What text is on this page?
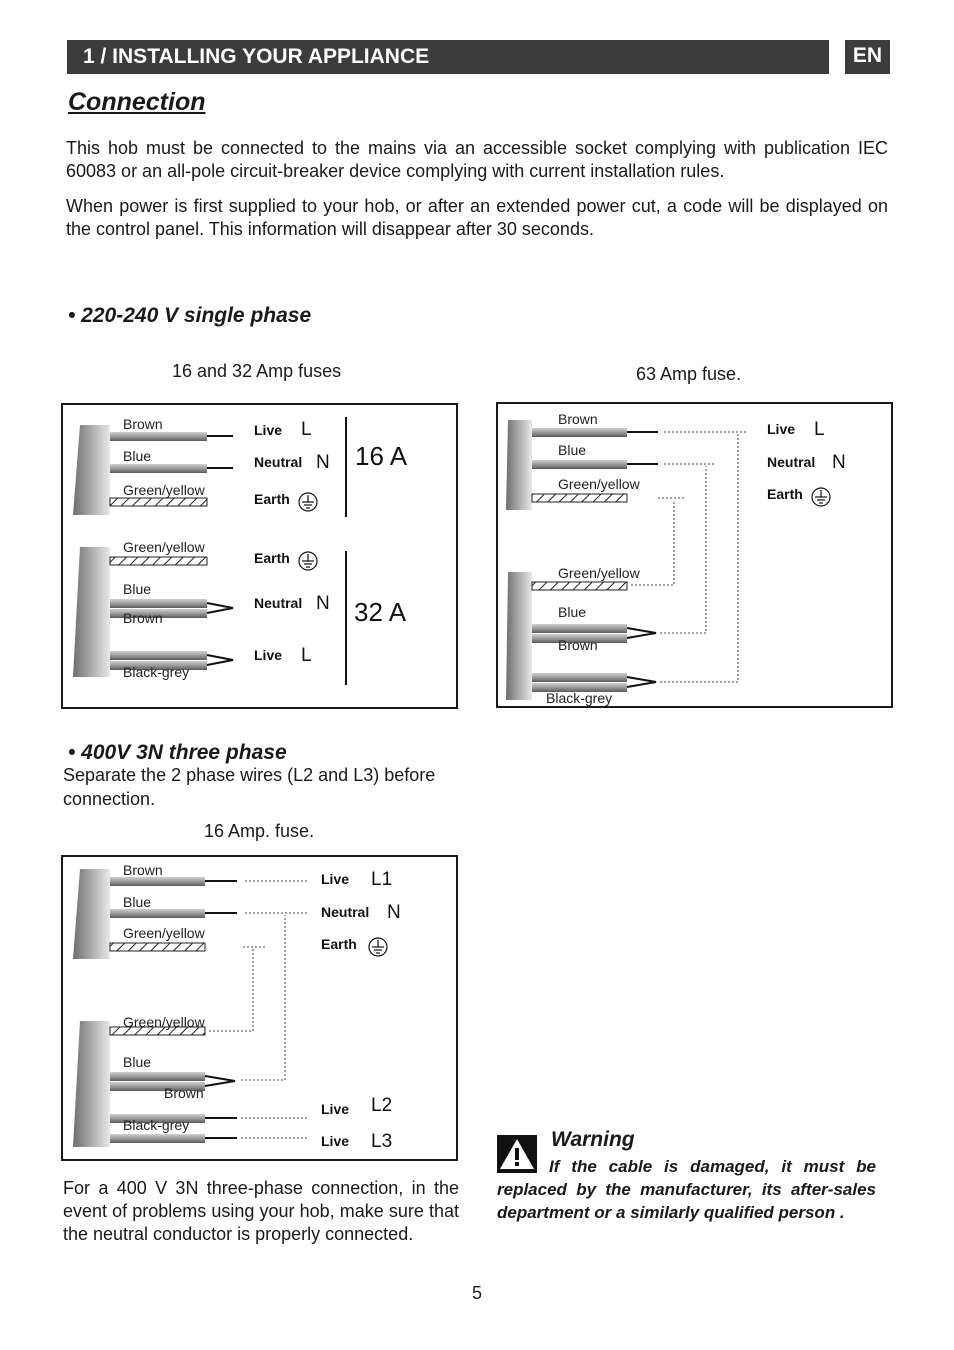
1 / INSTALLING YOUR APPLIANCE	EN
Connection
This hob must be connected to the mains via an accessible socket complying with publication IEC 60083 or an all-pole circuit-breaker device complying with current installation rules.
When power is first supplied to your hob, or after an extended power cut, a code will be displayed on the control panel. This information will disappear after 30 seconds.
• 220-240 V single phase
16 and 32 Amp fuses	63 Amp fuse.
Brown
Blue
Green/yellow
Live L
Neutral N
Earth
16 A
Green/yellow
Blue
Brown
Black-grey
Earth
Neutral N
Live L
32 A
Brown
Blue
Green/yellow
Live L
Neutral N
Earth
Green/yellow
Blue
Brown
Black-grey
• 400V 3N three phase
Separate the 2 phase wires (L2 and L3) before connection.
16 Amp. fuse.
Brown
Blue
Green/yellow
Live L1
Neutral N
Earth
Green/yellow
Blue
Brown
Black-grey
Live L2
Live L3
For a 400 V 3N three-phase connection, in the event of problems using your hob, make sure that the neutral conductor is properly connected.
Warning
If the cable is damaged, it must be replaced by the manufacturer, its after-sales department or a similarly qualified person .
5
